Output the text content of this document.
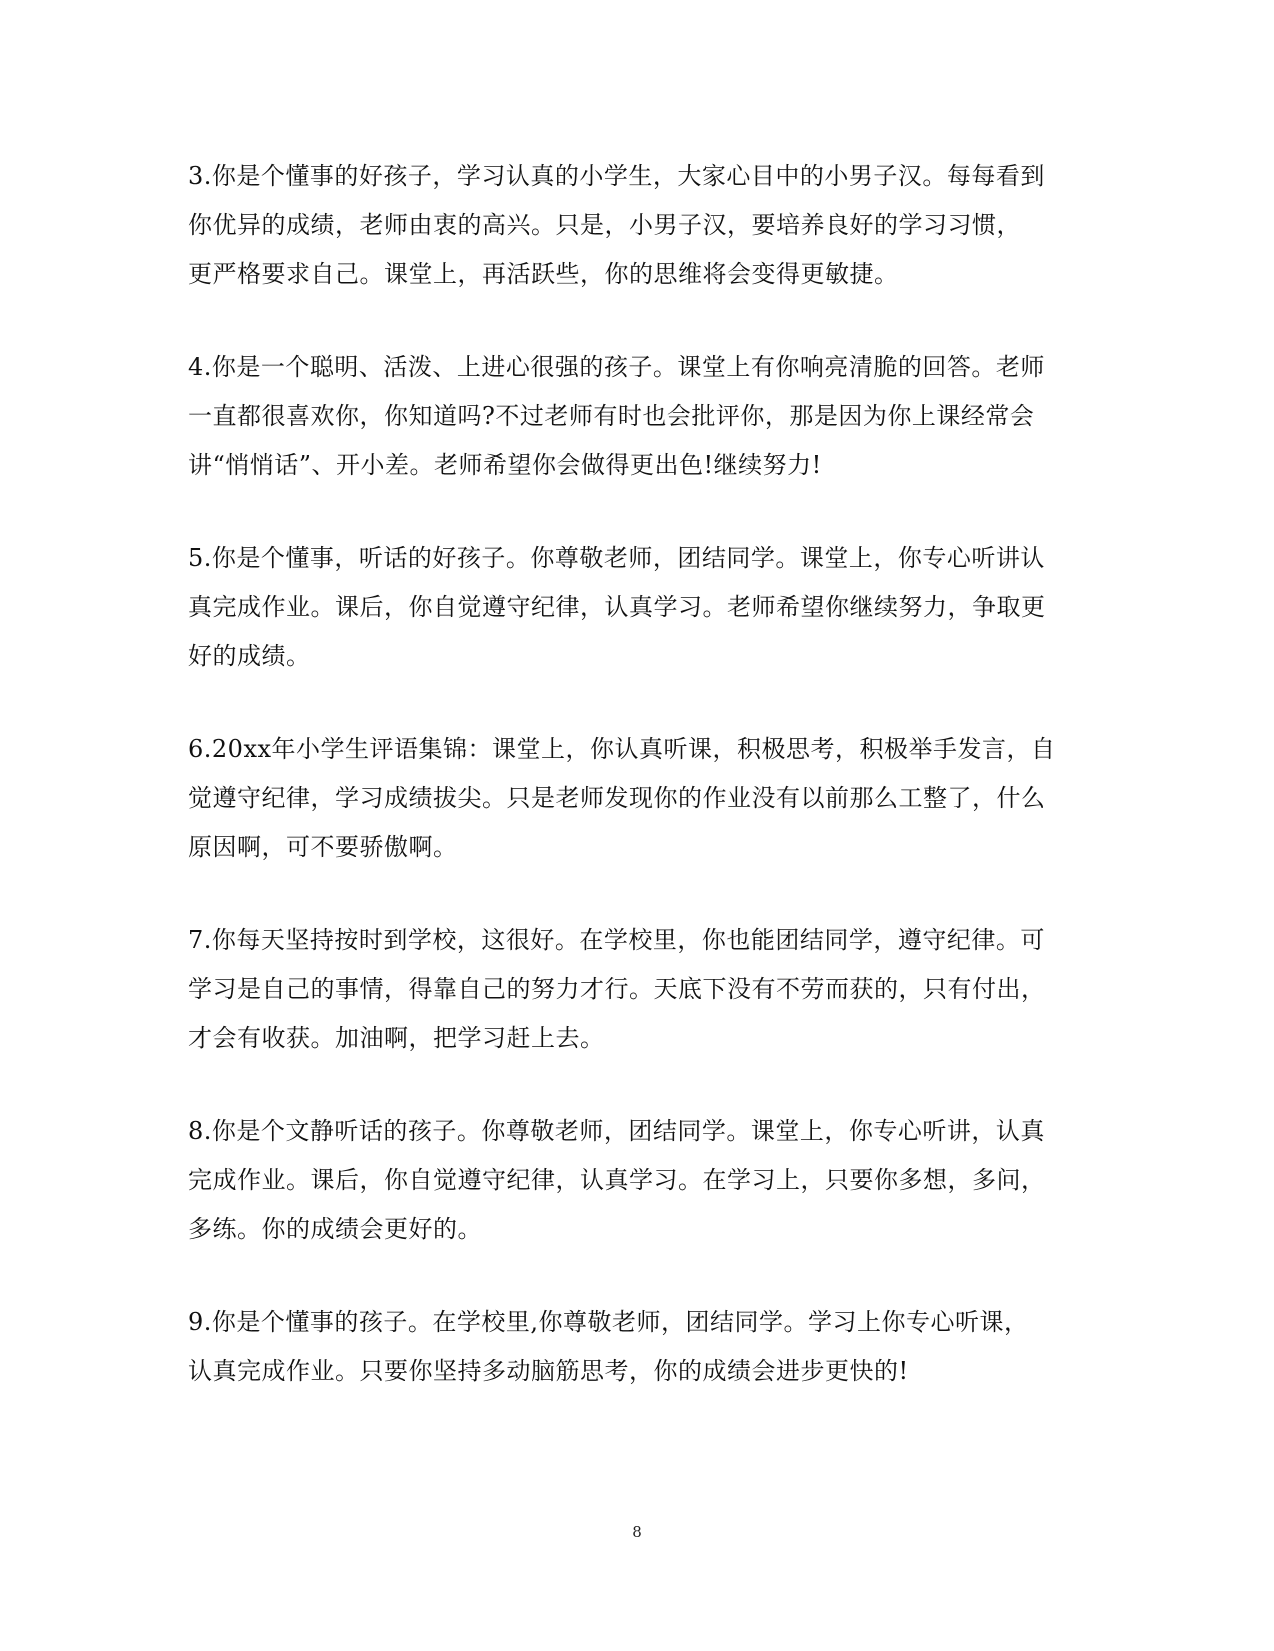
3.你是个懂事的好孩子，学习认真的小学生，大家心目中的小男子汉。每每看到
你优异的成绩，老师由衷的高兴。只是，小男子汉，要培养良好的学习习惯，
更严格要求自己。课堂上，再活跃些，你的思维将会变得更敏捷。

4.你是一个聪明、活泼、上进心很强的孩子。课堂上有你响亮清脆的回答。老师
一直都很喜欢你，你知道吗?不过老师有时也会批评你，那是因为你上课经常会
讲“悄悄话”、开小差。老师希望你会做得更出色!继续努力!

5.你是个懂事，听话的好孩子。你尊敬老师，团结同学。课堂上，你专心听讲认
真完成作业。课后，你自觉遵守纪律，认真学习。老师希望你继续努力，争取更
好的成绩。

6.20xx年小学生评语集锦：课堂上，你认真听课，积极思考，积极举手发言，自
觉遵守纪律，学习成绩拔尖。只是老师发现你的作业没有以前那么工整了，什么
原因啊，可不要骄傲啊。

7.你每天坚持按时到学校，这很好。在学校里，你也能团结同学，遵守纪律。可
学习是自己的事情，得靠自己的努力才行。天底下没有不劳而获的，只有付出，
才会有收获。加油啊，把学习赶上去。

8.你是个文静听话的孩子。你尊敬老师，团结同学。课堂上，你专心听讲，认真
完成作业。课后，你自觉遵守纪律，认真学习。在学习上，只要你多想，多问，
多练。你的成绩会更好的。

9.你是个懂事的孩子。在学校里,你尊敬老师，团结同学。学习上你专心听课，
认真完成作业。只要你坚持多动脑筋思考，你的成绩会进步更快的!

8
